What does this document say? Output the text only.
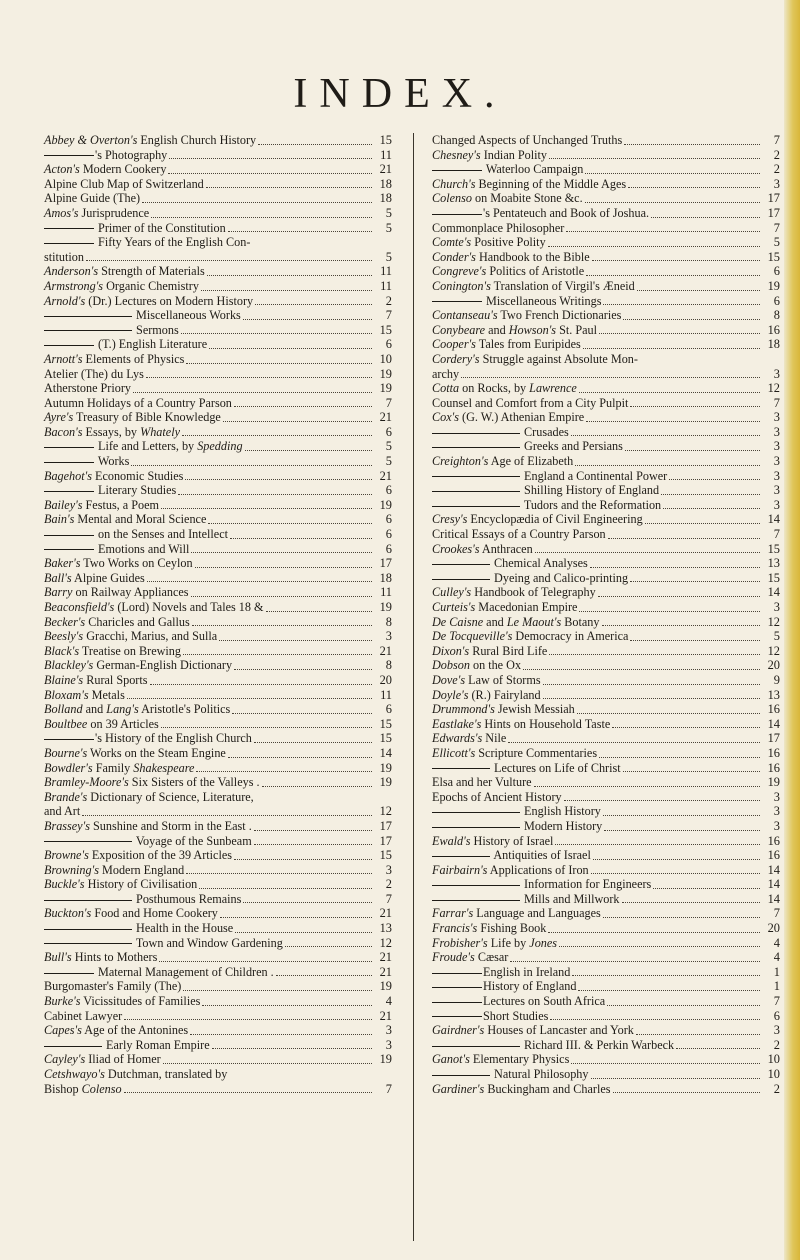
INDEX.
Abbey & Overton's English Church History	15
's Photography	11
Acton's Modern Cookery	21
Alpine Club Map of Switzerland	18
Alpine Guide (The)	18
Amos's Jurisprudence	5
Primer of the Constitution	5
Fifty Years of the English Con-
stitution	5
Anderson's Strength of Materials	11
Armstrong's Organic Chemistry	11
Arnold's (Dr.) Lectures on Modern History	2
Miscellaneous Works	7
Sermons	15
(T.) English Literature	6
Arnott's Elements of Physics	10
Atelier (The) du Lys	19
Atherstone Priory	19
Autumn Holidays of a Country Parson	7
Ayre's Treasury of Bible Knowledge	21
Bacon's Essays, by Whately	6
Life and Letters, by Spedding	5
Works	5
Bagehot's Economic Studies	21
Literary Studies	6
Bailey's Festus, a Poem	19
Bain's Mental and Moral Science	6
on the Senses and Intellect	6
Emotions and Will	6
Baker's Two Works on Ceylon	17
Ball's Alpine Guides	18
Barry on Railway Appliances	11
Beaconsfield's (Lord) Novels and Tales 18 &	19
Becker's Charicles and Gallus	8
Beesly's Gracchi, Marius, and Sulla	3
Black's Treatise on Brewing	21
Blackley's German-English Dictionary	8
Blaine's Rural Sports	20
Bloxam's Metals	11
Bolland and Lang's Aristotle's Politics	6
Boultbee on 39 Articles	15
's History of the English Church	15
Bourne's Works on the Steam Engine	14
Bowdler's Family Shakespeare	19
Bramley-Moore's Six Sisters of the Valleys .	19
Brande's Dictionary of Science, Literature,
and Art	12
Brassey's Sunshine and Storm in the East .	17
Voyage of the Sunbeam	17
Browne's Exposition of the 39 Articles	15
Browning's Modern England	3
Buckle's History of Civilisation	2
Posthumous Remains	7
Buckton's Food and Home Cookery	21
Health in the House	13
Town and Window Gardening	12
Bull's Hints to Mothers	21
Maternal Management of Children .	21
Burgomaster's Family (The)	19
Burke's Vicissitudes of Families	4
Cabinet Lawyer	21
Capes's Age of the Antonines	3
Early Roman Empire	3
Cayley's Iliad of Homer	19
Cetshwayo's Dutchman, translated by
Bishop Colenso	7
Changed Aspects of Unchanged Truths	7
Chesney's Indian Polity	2
Waterloo Campaign	2
Church's Beginning of the Middle Ages	3
Colenso on Moabite Stone &c.	17
's Pentateuch and Book of Joshua.	17
Commonplace Philosopher	7
Comte's Positive Polity	5
Conder's Handbook to the Bible	15
Congreve's Politics of Aristotle	6
Conington's Translation of Virgil's Æneid	19
Miscellaneous Writings	6
Contanseau's Two French Dictionaries	8
Conybeare and Howson's St. Paul	16
Cooper's Tales from Euripides	18
Cordery's Struggle against Absolute Mon-
archy	3
Cotta on Rocks, by Lawrence	12
Counsel and Comfort from a City Pulpit	7
Cox's (G. W.) Athenian Empire	3
Crusades	3
Greeks and Persians	3
Creighton's Age of Elizabeth	3
England a Continental Power	3
Shilling History of England	3
Tudors and the Reformation	3
Cresy's Encyclopædia of Civil Engineering	14
Critical Essays of a Country Parson	7
Crookes's Anthracen	15
Chemical Analyses	13
Dyeing and Calico-printing	15
Culley's Handbook of Telegraphy	14
Curteis's Macedonian Empire	3
De Caisne and Le Maout's Botany	12
De Tocqueville's Democracy in America	5
Dixon's Rural Bird Life	12
Dobson on the Ox	20
Dove's Law of Storms	9
Doyle's (R.) Fairyland	13
Drummond's Jewish Messiah	16
Eastlake's Hints on Household Taste	14
Edwards's Nile	17
Ellicott's Scripture Commentaries	16
Lectures on Life of Christ	16
Elsa and her Vulture	19
Epochs of Ancient History	3
English History	3
Modern History	3
Ewald's History of Israel	16
Antiquities of Israel	16
Fairbairn's Applications of Iron	14
Information for Engineers	14
Mills and Millwork	14
Farrar's Language and Languages	7
Francis's Fishing Book	20
Frobisher's Life by Jones	4
Froude's Cæsar	4
English in Ireland	1
History of England	1
Lectures on South Africa	7
Short Studies	6
Gairdner's Houses of Lancaster and York	3
Richard III. & Perkin Warbeck	2
Ganot's Elementary Physics	10
Natural Philosophy	10
Gardiner's Buckingham and Charles	2
